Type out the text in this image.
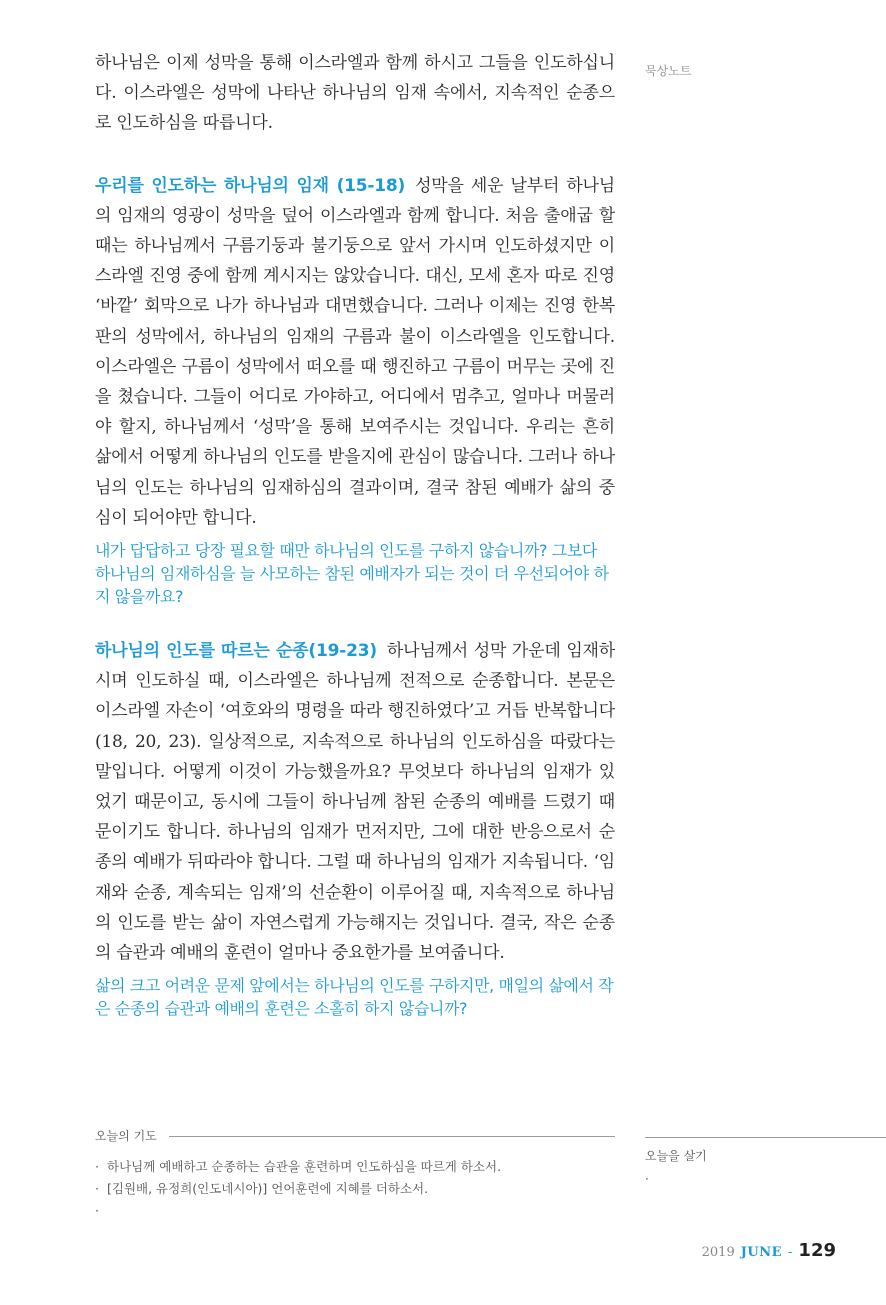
묵상노트

하나님은 이제 성막을 통해 이스라엘과 함께 하시고 그들을 인도하십니다. 이스라엘은 성막에 나타난 하나님의 임재 속에서, 지속적인 순종으로 인도하심을 따릅니다.

우리를 인도하는 하나님의 임재 (15-18) 성막을 세운 날부터 하나님의 임재의 영광이 성막을 덮어 이스라엘과 함께 합니다. 처음 출애굽 할 때는 하나님께서 구름기둥과 불기둥으로 앞서 가시며 인도하셨지만 이스라엘 진영 중에 함께 계시지는 않았습니다. 대신, 모세 혼자 따로 진영 ‘바깥’ 회막으로 나가 하나님과 대면했습니다. 그러나 이제는 진영 한복판의 성막에서, 하나님의 임재의 구름과 불이 이스라엘을 인도합니다. 이스라엘은 구름이 성막에서 떠오를 때 행진하고 구름이 머무는 곳에 진을 쳤습니다. 그들이 어디로 가야하고, 어디에서 멈추고, 얼마나 머물러야 할지, 하나님께서 ‘성막’을 통해 보여주시는 것입니다. 우리는 흔히 삶에서 어떻게 하나님의 인도를 받을지에 관심이 많습니다. 그러나 하나님의 인도는 하나님의 임재하심의 결과이며, 결국 참된 예배가 삶의 중심이 되어야만 합니다.

내가 답답하고 당장 필요할 때만 하나님의 인도를 구하지 않습니까? 그보다 하나님의 임재하심을 늘 사모하는 참된 예배자가 되는 것이 더 우선되어야 하지 않을까요?

하나님의 인도를 따르는 순종(19-23) 하나님께서 성막 가운데 임재하시며 인도하실 때, 이스라엘은 하나님께 전적으로 순종합니다. 본문은 이스라엘 자손이 ‘여호와의 명령을 따라 행진하였다’고 거듭 반복합니다(18, 20, 23). 일상적으로, 지속적으로 하나님의 인도하심을 따랐다는 말입니다. 어떻게 이것이 가능했을까요? 무엇보다 하나님의 임재가 있었기 때문이고, 동시에 그들이 하나님께 참된 순종의 예배를 드렸기 때문이기도 합니다. 하나님의 임재가 먼저지만, 그에 대한 반응으로서 순종의 예배가 뒤따라야 합니다. 그럴 때 하나님의 임재가 지속됩니다. ‘임재와 순종, 계속되는 임재’의 선순환이 이루어질 때, 지속적으로 하나님의 인도를 받는 삶이 자연스럽게 가능해지는 것입니다. 결국, 작은 순종의 습관과 예배의 훈련이 얼마나 중요한가를 보여줍니다.

삶의 크고 어려운 문제 앞에서는 하나님의 인도를 구하지만, 매일의 삶에서 작은 순종의 습관과 예배의 훈련은 소홀히 하지 않습니까?

오늘의 기도
· 하나님께 예배하고 순종하는 습관을 훈련하며 인도하심을 따르게 하소서.
· [김원배, 유정희(인도네시아)] 언어훈련에 지혜를 더하소서.
·
오늘을 살기
·
2019 JUNE - 129
